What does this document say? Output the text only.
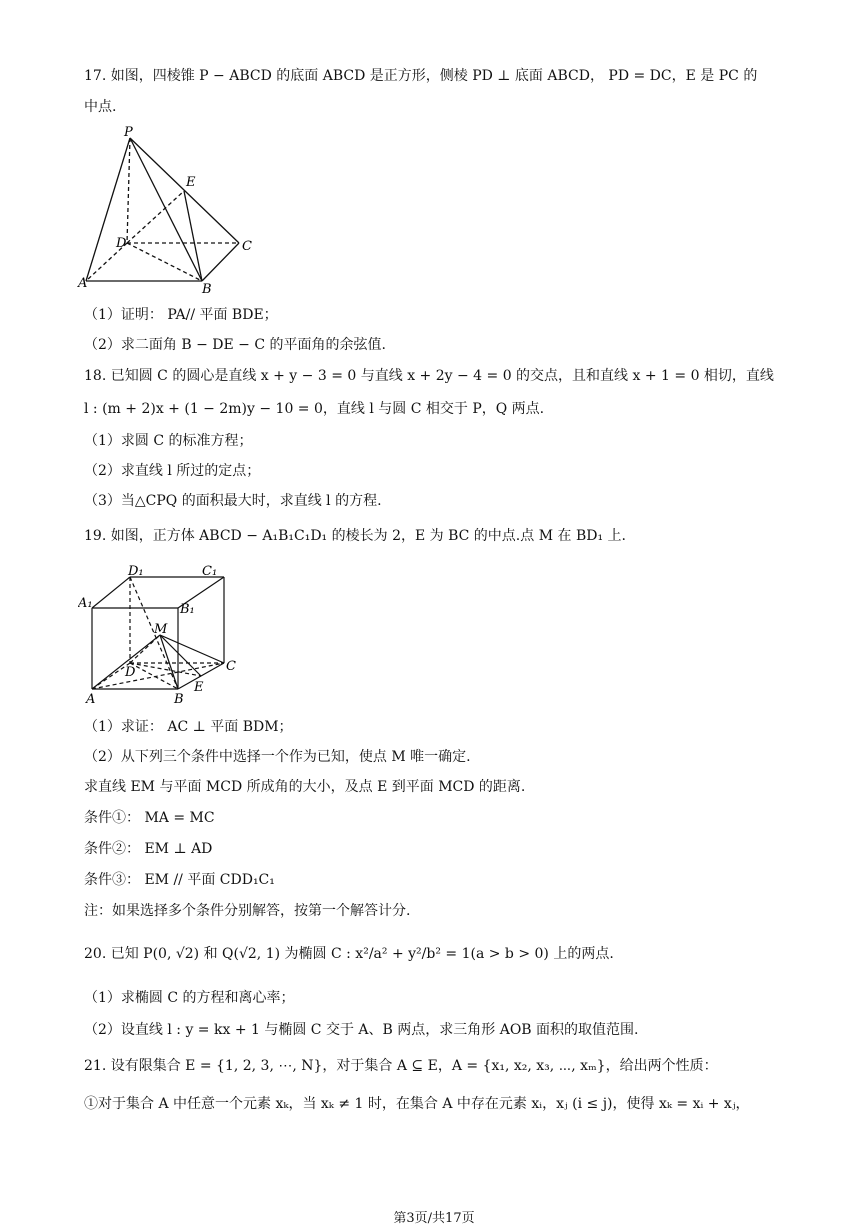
17. 如图，四棱锥 P − ABCD 的底面 ABCD 是正方形，侧棱 PD ⊥ 底面 ABCD， PD = DC，E 是 PC 的
中点.
P
E
D	C
A	B
（1）证明： PA// 平面 BDE；
（2）求二面角 B − DE − C 的平面角的余弦值.
18. 已知圆 C 的圆心是直线 x + y − 3 = 0 与直线 x + 2y − 4 = 0 的交点，且和直线 x + 1 = 0 相切，直线
l : (m + 2)x + (1 − 2m)y − 10 = 0，直线 l 与圆 C 相交于 P，Q 两点.
（1）求圆 C 的标准方程；
（2）求直线 l 所过的定点；
（3）当△CPQ 的面积最大时，求直线 l 的方程.
19. 如图，正方体 ABCD − A₁B₁C₁D₁ 的棱长为 2，E 为 BC 的中点.点 M 在 BD₁ 上.
D₁	C₁
A₁	B₁
M
D	C
A	B
E
（1）求证： AC ⊥ 平面 BDM；
（2）从下列三个条件中选择一个作为已知，使点 M 唯一确定.
求直线 EM 与平面 MCD 所成角的大小，及点 E 到平面 MCD 的距离.
条件①： MA = MC
条件②： EM ⊥ AD
条件③： EM // 平面 CDD₁C₁
注：如果选择多个条件分别解答，按第一个解答计分.
20. 已知 P(0, √2) 和 Q(√2, 1) 为椭圆 C : x²/a² + y²/b² = 1(a > b > 0) 上的两点.
（1）求椭圆 C 的方程和离心率；
（2）设直线 l : y = kx + 1 与椭圆 C 交于 A、B 两点，求三角形 AOB 面积的取值范围.
21. 设有限集合 E = {1, 2, 3, ⋯, N}，对于集合 A ⊆ E，A = {x₁, x₂, x₃, ⋯, xₘ}，给出两个性质：
①对于集合 A 中任意一个元素 xₖ，当 xₖ ≠ 1 时，在集合 A 中存在元素 xᵢ，xⱼ (i ≤ j)，使得 xₖ = xᵢ + xⱼ，
第3页/共17页
